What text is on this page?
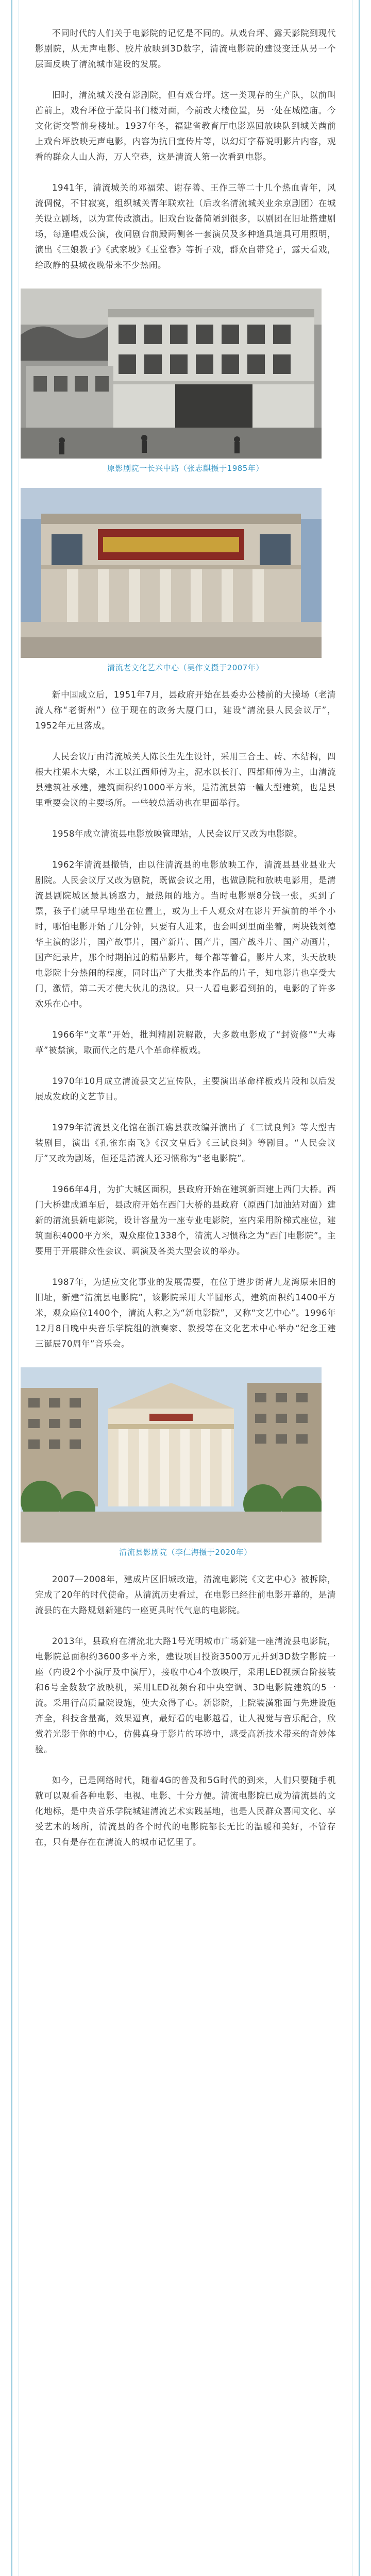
不同时代的人们关于电影院的记忆是不同的。从戏台坪、露天影院到现代影剧院，从无声电影、胶片放映到3D数字，清流电影院的建设变迁从另一个层面反映了清流城市建设的发展。

旧时，清流城关没有影剧院，但有戏台坪。这一类现存的生产队，以前叫酋前上，戏台坪位于蒙岗书门楼对面，今前改大楼位置，另一处在城隍庙。今文化街交警前身楼址。1937年冬，福建省教育厅电影巡回放映队到城关酋前上戏台坪放映无声电影，内容为抗日宣传片等，以幻灯字幕说明影片内容，观看的群众人山人海，万人空巷，这是清流人第一次看到电影。

1941年，清流城关的邓福荣、谢存善、王作三等二十几个热血青年，风流倜傥，不甘寂寞，组织城关青年联欢社（后改名清流城关业余京剧团）在城关设立剧场，以为宣传政演出。旧戏台设备简陋到很多，以剧团在旧址搭建剧场，每逢唱戏公演，夜间剧台前殿两侧各一套演员及多种道具道具可用照明，演出《三娘教子》《武家坡》《玉堂春》等折子戏，群众自带凳子，露天看戏，给政静的县城夜晚带来不少热闹。

原影剧院一长兴中路（张志麒摄于1985年）
清流老文化艺术中心（吴作义摄于2007年）

新中国成立后，1951年7月，县政府开始在县委办公楼前的大操场（老清流人称“老街州”）位于现在的政务大厦门口，建设“清流县人民会议厅”，1952年元旦落成。

人民会议厅由清流城关人陈长生先生设计，采用三合土、砖、木结构，四根大柱架木大梁，木工以江西师傅为主，泥水以长汀、四都师傅为主，由清流县建筑社承建，建筑面积约1000平方米，是清流县第一幢大型建筑，也是县里重要会议的主要场所。一些较总活动也在里面举行。

1958年成立清流县电影放映管理站，人民会议厅又改为电影院。

1962年清流县撤销，由以往清流县的电影放映工作，清流县县业县业大剧院。人民会议厅又改为剧院，既做会议之用，也做剧院和放映电影用，是清流县剧院城区最具诱惑力，最热闹的地方。当时电影票8分钱一张，买到了票，孩子们就早早地坐在位置上，或为上千人观众对在影片开演前的半个小时，哪怕电影开始了几分钟，只要有人进来，也会叫到里面坐着，两块钱刘德华主演的影片，国产故事片，国产新片、国产片，国产战斗片、国产动画片，国产纪录片，那个时期拍过的精品影片，每个都等着看，影片人来，头天放映电影院十分热闹的程度，同时出产了大批类本作品的片子，知电影片也享受大门，激情，第二天才使大伙儿的热议。只一人看电影看到拍的，电影的了许多欢乐在心中。

1966年“文革”开始，批判精剧院解散，大多数电影成了“封资修”“大毒草”被禁演，取而代之的是八个革命样板戏。

1970年10月成立清流县文艺宣传队，主要演出革命样板戏片段和以后发展成发政的文艺节目。

1979年清流县文化馆在浙江礁县获改编并演出了《三试良判》等大型古装剧目，演出《孔雀东南飞》《汉文皇后》《三试良判》等剧目。“人民会议厅”又改为剧场，但还是清流人还习惯称为“老电影院”。

1966年4月，为扩大城区面积，县政府开始在建筑新面建上西门大桥。西门大桥建成通车后，县政府开始在西门大桥的县政府（原西门加油站对面）建新的清流县新电影院，设计容量为一座专业电影院，室内采用阶梯式座位，建筑面积4000平方米，观众座位1338个，清流人习惯称之为“西门电影院”。主要用于开展群众性会议、调演及各类大型会议的举办。

1987年，为适应文化事业的发展需要，在位于进步街背九龙湾原来旧的旧址，新建“清流县电影院”，该影院采用大半圆形式，建筑面积约1400平方米，观众座位1400个，清流人称之为“新电影院”，又称“文艺中心”。1996年12月8日晚中央音乐学院组的演奏家、教授等在文化艺术中心举办“纪念王建三诞辰70周年”音乐会。

清流县影剧院（李仁海摄于2020年）

2007—2008年，建成片区旧城改造，清流电影院《文艺中心》被拆除，完成了20年的时代使命。从清流历史看过，在电影已经往前电影开幕的，是清流县的在大路规划新建的一座更具时代气息的电影院。

2013年，县政府在清流北大路1号光明城市广场新建一座清流县电影院，电影院总面积约3600多平方米，建设项目投资3500万元并到3D数字影院一座（内设2个小演厅及中演厅），接收中心4个放映厅，采用LED视频台阶接装和6号全数数字放映机，采用LED视频台和中央空调、3D电影院建筑的5一流。采用行高质量院设施，使大众得了心。新影院，上院装潢雅面与先进设施齐全，科技含量高，效果逼真，最好看的电影越看，让人视觉与音乐配合，欣赏着光影于你的中心，仿佛真身于影片的环境中，感受高新技术带来的奇妙体验。

如今，已是网络时代，随着4G的普及和5G时代的到来，人们只要随手机就可以观看各种电影、电视、电影、十分方便。清流电影院已成为清流县的文化地标，是中央音乐学院城建清流艺术实践基地，也是人民群众喜闻文化、享受艺术的场所，清流县的各个时代的电影院都长无比的温暖和美好，不管存在，只有是存在在清流人的城市记忆里了。
